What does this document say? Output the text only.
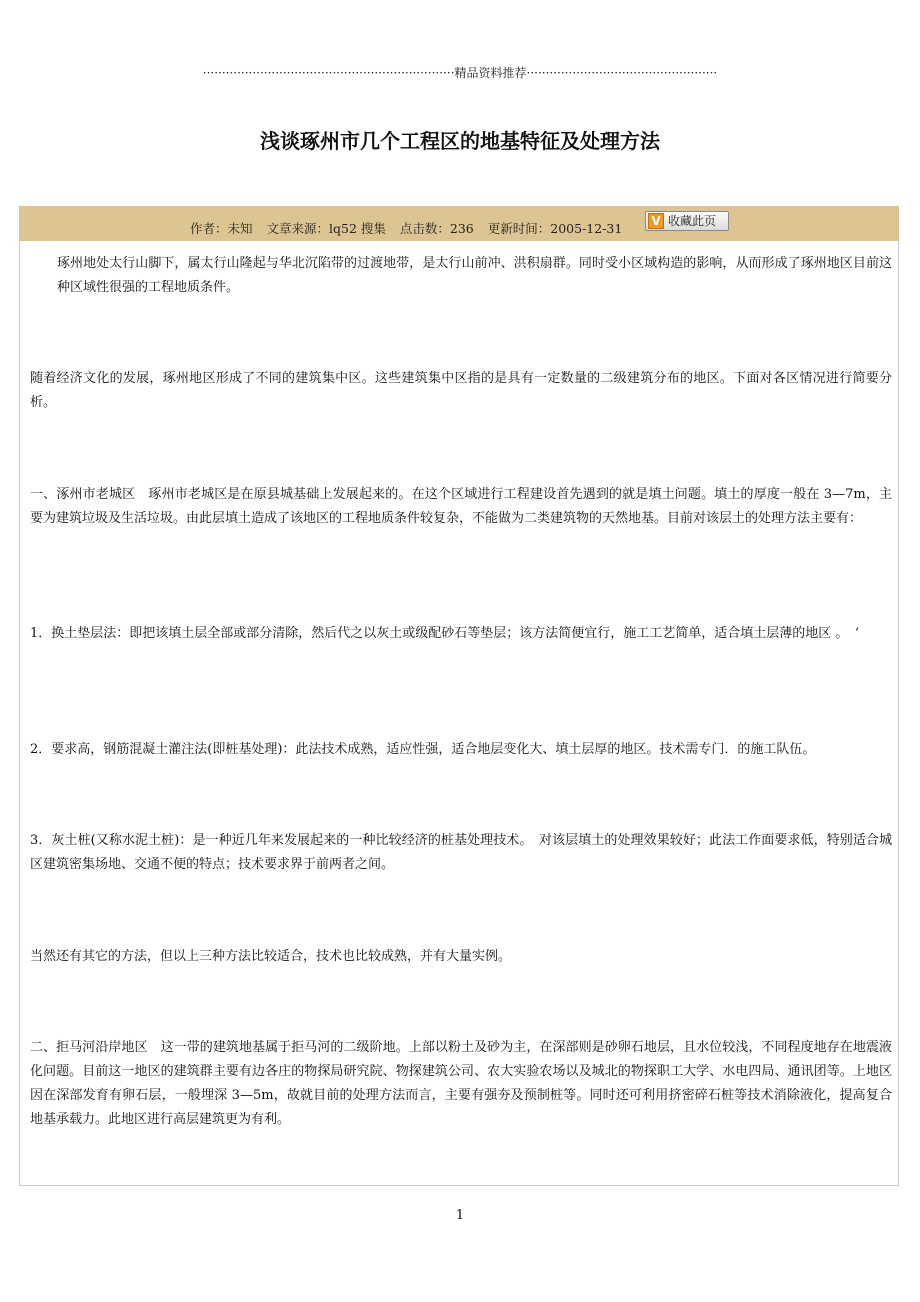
··································································精品资料推荐··················································
浅谈琢州市几个工程区的地基特征及处理方法
作者：未知 文章来源：lq52 搜集 点击数：236 更新时间：2005-12-31 V 收藏此页

琢州地处太行山脚下，属太行山隆起与华北沉陷带的过渡地带，是太行山前冲、洪积扇群。同时受小区域构造的影响，从而形成了琢州地区目前这种区域性很强的工程地质条件。

随着经济文化的发展，琢州地区形成了不同的建筑集中区。这些建筑集中区指的是具有一定数量的二级建筑分布的地区。下面对各区情况进行简要分析。

一、涿州市老城区　琢州市老城区是在原县城基础上发展起来的。在这个区域进行工程建设首先遇到的就是填土问题。填土的厚度一般在 3—7m，主要为建筑垃圾及生活垃圾。由此层填土造成了该地区的工程地质条件较复杂，不能做为二类建筑物的天然地基。目前对该层土的处理方法主要有：

1．换土垫层法：即把该填土层全部或部分清除，然后代之以灰土或级配砂石等垫层；该方法简便宜行，施工工艺简单，适合填土层薄的地区 。　‘

2．要求高，钢筋混凝土灌注法(即桩基处理)：此法技术成熟，适应性强，适合地层变化大、填土层厚的地区。技术需专门．的施工队伍。

3．灰土桩(又称水泥土桩)：是一种近几年来发展起来的一种比较经济的桩基处理技术。　对该层填土的处理效果较好；此法工作面要求低，特别适合城区建筑密集场地、交通不便的特点；技术要求界于前两者之间。

当然还有其它的方法，但以上三种方法比较适合，技术也比较成熟，并有大量实例。

二、拒马河沿岸地区　这一带的建筑地基属于拒马河的二级阶地。上部以粉土及砂为主，在深部则是砂卵石地层，且水位较浅，不同程度地存在地震液化问题。目前这一地区的建筑群主要有边各庄的物探局研究院、物探建筑公司、农大实验农场以及城北的物探职工大学、水电四局、通讯团等。上地区因在深部发育有卵石层，一般埋深 3—5m，故就目前的处理方法而言，主要有强夯及预制桩等。同时还可利用挤密碎石桩等技术消除液化，提高复合地基承载力。此地区进行高层建筑更为有利。

1
